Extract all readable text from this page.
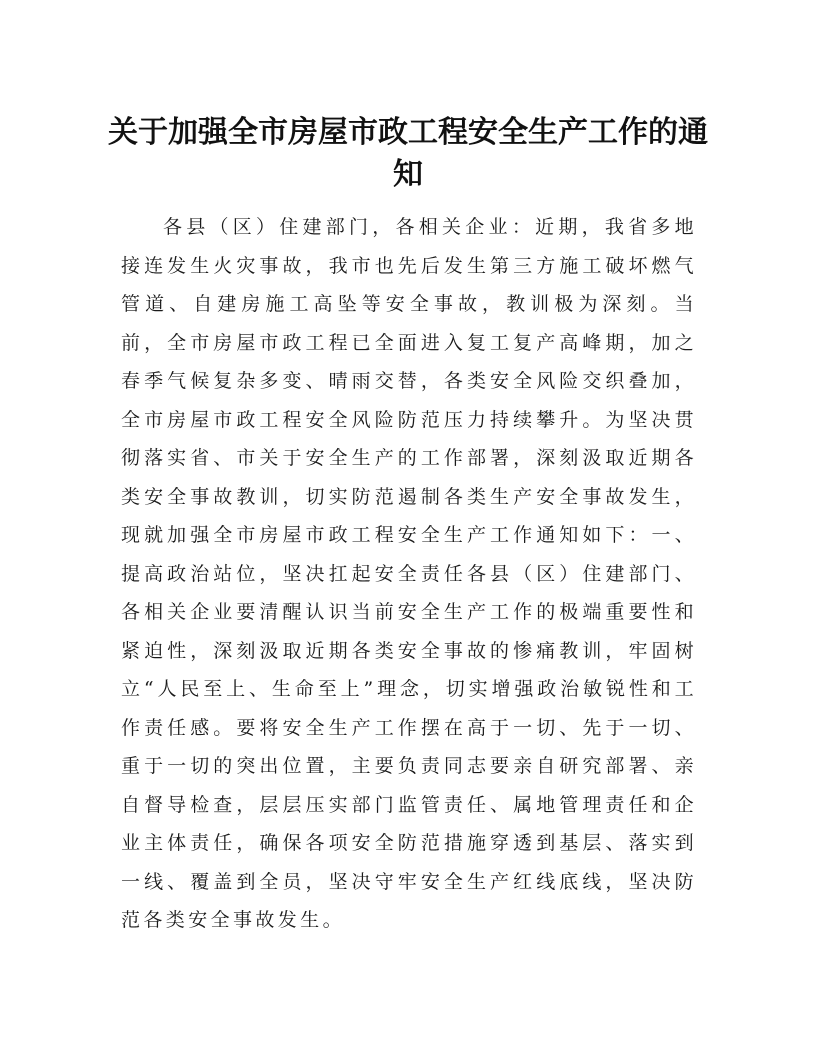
关于加强全市房屋市政工程安全生产工作的通知

各县（区）住建部门，各相关企业：近期，我省多地接连发生火灾事故，我市也先后发生第三方施工破坏燃气管道、自建房施工高坠等安全事故，教训极为深刻。当前，全市房屋市政工程已全面进入复工复产高峰期，加之春季气候复杂多变、晴雨交替，各类安全风险交织叠加，全市房屋市政工程安全风险防范压力持续攀升。为坚决贯彻落实省、市关于安全生产的工作部署，深刻汲取近期各类安全事故教训，切实防范遏制各类生产安全事故发生，现就加强全市房屋市政工程安全生产工作通知如下：一、提高政治站位，坚决扛起安全责任各县（区）住建部门、各相关企业要清醒认识当前安全生产工作的极端重要性和紧迫性，深刻汲取近期各类安全事故的惨痛教训，牢固树立“人民至上、生命至上”理念，切实增强政治敏锐性和工作责任感。要将安全生产工作摆在高于一切、先于一切、重于一切的突出位置，主要负责同志要亲自研究部署、亲自督导检查，层层压实部门监管责任、属地管理责任和企业主体责任，确保各项安全防范措施穿透到基层、落实到一线、覆盖到全员，坚决守牢安全生产红线底线，坚决防范各类安全事故发生。
